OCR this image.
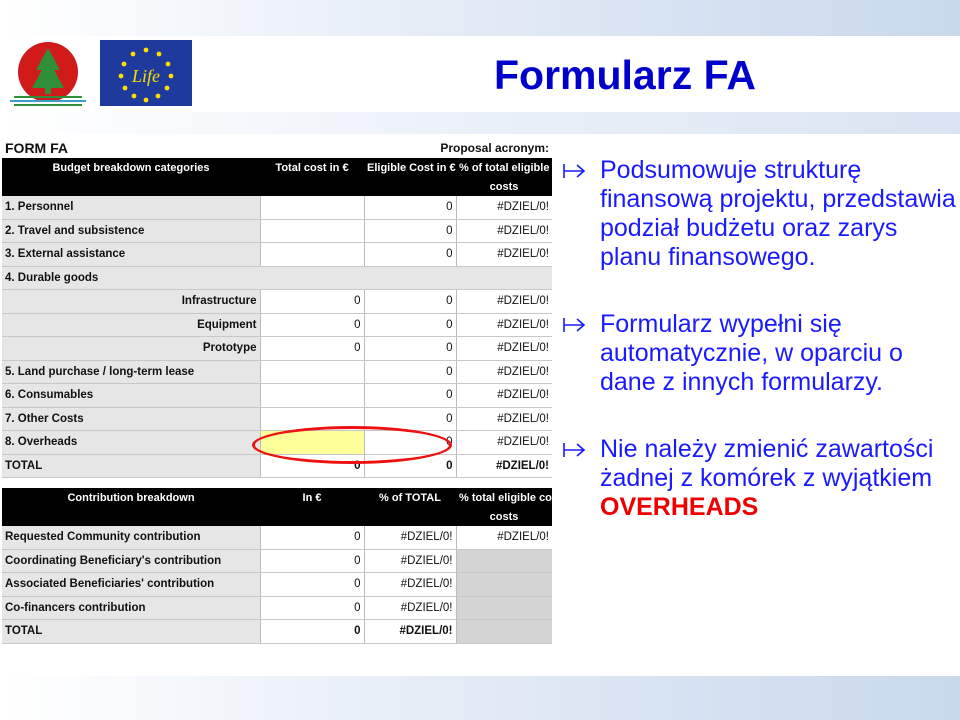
Life	Formularz FA
FORM FA		Proposal acronym:	
Budget breakdown categories	Total cost in €	Eligible Cost in €	% of total eligible costs
			costs
1. Personnel		0	#DZIEL/0!
2. Travel and subsistence		0	#DZIEL/0!
3. External assistance		0	#DZIEL/0!
4. Durable goods			
Infrastructure	0	0	#DZIEL/0!
Equipment	0	0	#DZIEL/0!
Prototype	0	0	#DZIEL/0!
5. Land purchase / long-term lease		0	#DZIEL/0!
6. Consumables		0	#DZIEL/0!
7. Other Costs		0	#DZIEL/0!
8. Overheads		0	#DZIEL/0!
TOTAL	0	0	#DZIEL/0!

Contribution breakdown	In €	% of TOTAL	% total eligible costs
			costs
Requested Community contribution	0	#DZIEL/0!	#DZIEL/0!
Coordinating Beneficiary's contribution	0	#DZIEL/0!	
Associated Beneficiaries' contribution	0	#DZIEL/0!	
Co-financers contribution	0	#DZIEL/0!	
TOTAL	0	#DZIEL/0!	
Podsumowuje strukturę finansową projektu, przedstawia podział budżetu oraz zarys planu finansowego.
Formularz wypełni się automatycznie, w oparciu o dane z innych formularzy.
Nie należy zmienić zawartości żadnej z komórek z wyjątkiem OVERHEADS
